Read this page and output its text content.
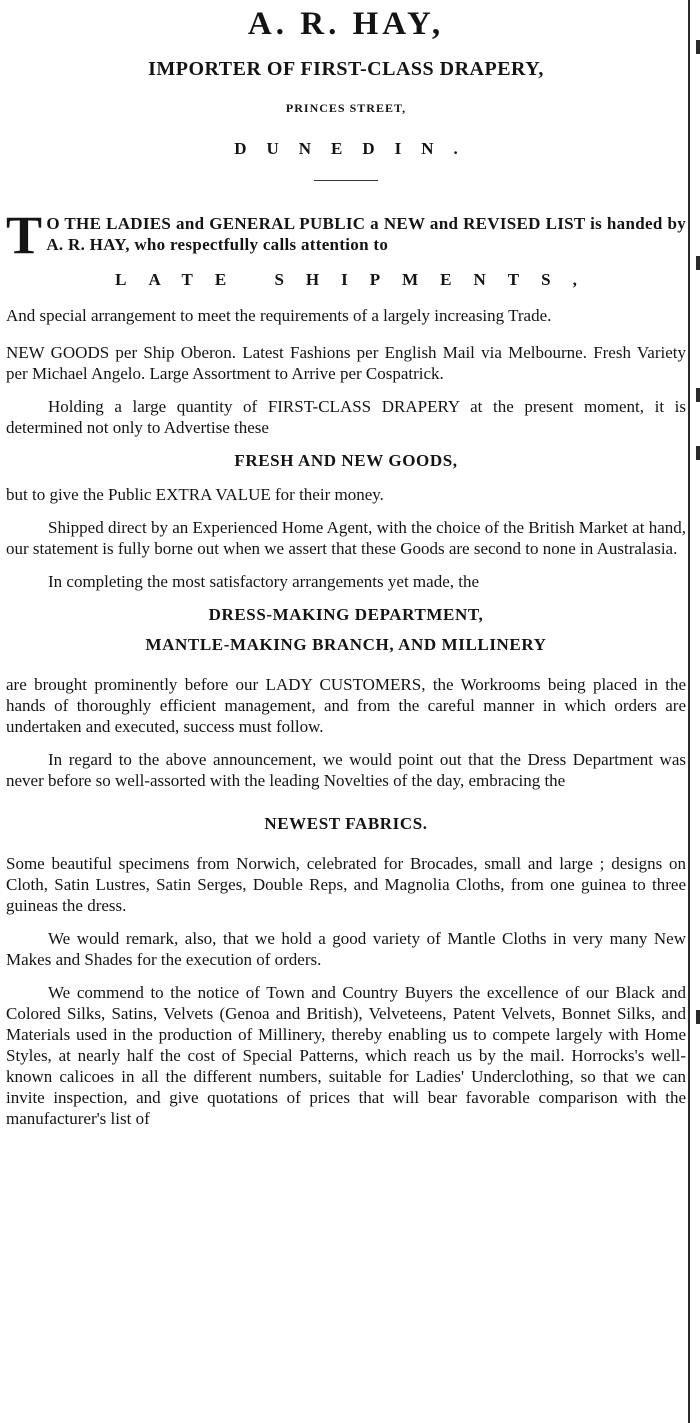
A. R. HAY,
IMPORTER OF FIRST-CLASS DRAPERY,
PRINCES STREET,
DUNEDIN.
T O THE LADIES and GENERAL PUBLIC a NEW and REVISED LIST is handed by A. R. HAY, who respectfully calls attention to
LATE SHIPMENTS,

And special arrangement to meet the requirements of a largely increasing Trade.

NEW GOODS per Ship Oberon. Latest Fashions per English Mail via Melbourne. Fresh Variety per Michael Angelo. Large Assortment to Arrive per Cospatrick.

Holding a large quantity of FIRST-CLASS DRAPERY at the present moment, it is determined not only to Advertise these

FRESH AND NEW GOODS,

but to give the Public EXTRA VALUE for their money.

Shipped direct by an Experienced Home Agent, with the choice of the British Market at hand, our statement is fully borne out when we assert that these Goods are second to none in Australasia.

In completing the most satisfactory arrangements yet made, the

DRESS-MAKING DEPARTMENT,
MANTLE-MAKING BRANCH, AND MILLINERY

are brought prominently before our LADY CUSTOMERS, the Workrooms being placed in the hands of thoroughly efficient management, and from the careful manner in which orders are undertaken and executed, success must follow.

In regard to the above announcement, we would point out that the Dress Department was never before so well-assorted with the leading Novelties of the day, embracing the

NEWEST FABRICS.

Some beautiful specimens from Norwich, celebrated for Brocades, small and large ; designs on Cloth, Satin Lustres, Satin Serges, Double Reps, and Magnolia Cloths, from one guinea to three guineas the dress.

We would remark, also, that we hold a good variety of Mantle Cloths in very many New Makes and Shades for the execution of orders.

We commend to the notice of Town and Country Buyers the excellence of our Black and Colored Silks, Satins, Velvets (Genoa and British), Velveteens, Patent Velvets, Bonnet Silks, and Materials used in the production of Millinery, thereby enabling us to compete largely with Home Styles, at nearly half the cost of Special Patterns, which reach us by the mail. Horrocks's well-known calicoes in all the different numbers, suitable for Ladies' Underclothing, so that we can invite inspection, and give quotations of prices that will bear favorable comparison with the manufacturer's list of
